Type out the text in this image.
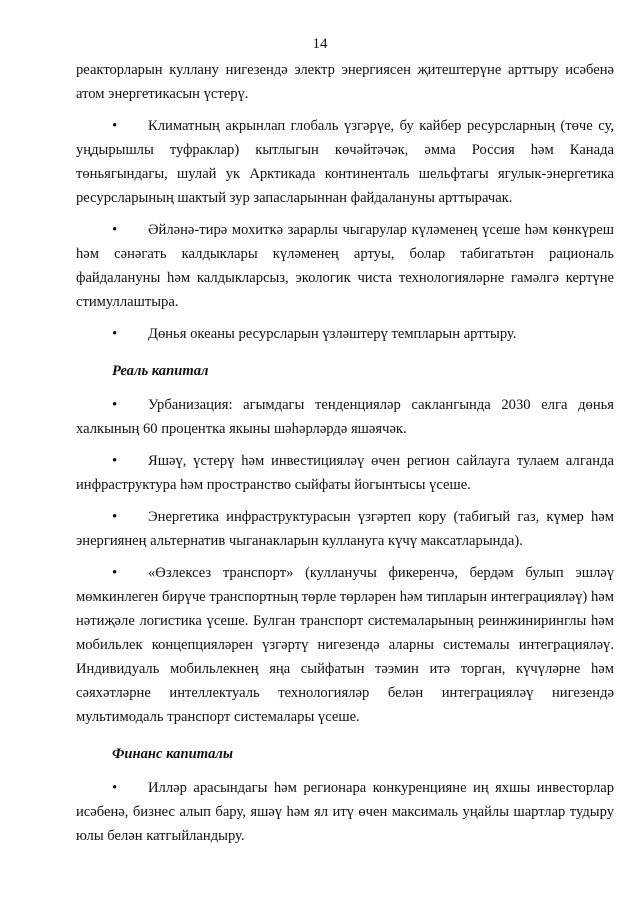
14

реакторларын куллану нигезендә электр энергиясен җитештерүне арттыру исәбенә атом энергетикасын үстерү.

• Климатның акрынлап глобаль үзгәрүе, бу кайбер ресурсларның (төче су, уңдырышлы туфраклар) кытлыгын көчәйтәчәк, әмма Россия һәм Канада төньягындагы, шулай ук Арктикада континенталь шельфтагы ягулык-энергетика ресурсларының шактый зур запасларыннан файдалануны арттырачак.

• Әйләнә-тирә мохиткә зарарлы чыгарулар күләменең үсеше һәм көнкүреш һәм сәнәгать калдыклары күләменең артуы, болар табигатьтән рациональ файдалануны һәм калдыкларсыз, экологик чиста технологияләрне гамәлгә кертүне стимуллаштыра.

• Дөнья океаны ресурсларын үзләштерү темпларын арттыру.

Реаль капитал

• Урбанизация: агымдагы тенденцияләр саклангында 2030 елга дөнья халкының 60 процентка якыны шәһәрләрдә яшәячәк.

• Яшәү, үстерү һәм инвестицияләү өчен регион сайлауга тулаем алганда инфраструктура һәм пространство сыйфаты йогынтысы үсеше.

• Энергетика инфраструктурасын үзгәртеп кору (табигый газ, күмер һәм энергиянең альтернатив чыганакларын куллануга күчү максатларында).

• «Өзлексез транспорт» (кулланучы фикеренчә, бердәм булып эшләү мөмкинлеген бирүче транспортның төрле төрләрен һәм типларын интеграцияләү) һәм нәтиҗәле логистика үсеше. Булган транспорт системаларының реинжиниринглы һәм мобильлек концепцияләрен үзгәртү нигезендә аларны системалы интеграцияләү. Индивидуаль мобильлекнең яңа сыйфатын тәэмин итә торган, күчүләрне һәм сәяхәтләрне интеллектуаль технологияләр белән интеграцияләү нигезендә мультимодаль транспорт системалары үсеше.

Финанс капиталы

• Илләр арасындагы һәм регионара конкуренцияне иң яхшы инвесторлар исәбенә, бизнес алып бару, яшәү һәм ял итү өчен максималь уңайлы шартлар тудыру юлы белән катгыйландыру.
